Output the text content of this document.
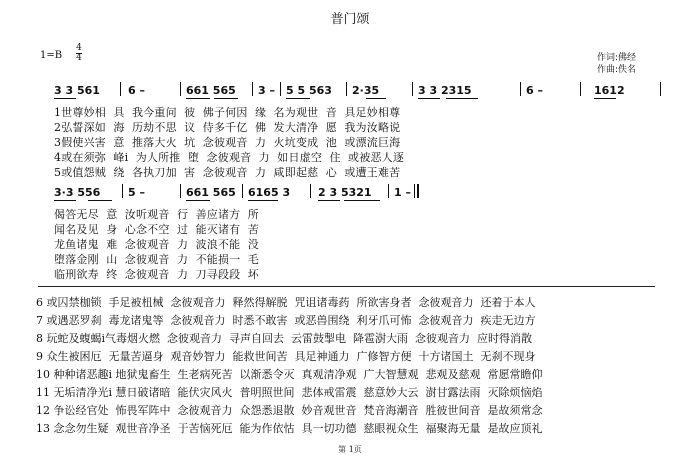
普门颂
1=B
4
4	作词:佛经
作曲:佚名
3 3 561	6 –	661 565 3 – 5 5 563 2·35	3 3 2315	6 –	1612
1世尊妙相  具  我今重问  彼  佛子何因  缘  名为观世  音  具足妙相尊
2弘誓深如  海  历劫不思  议  侍多千亿  佛  发大清净  愿  我为汝略说
3假使兴害  意  推落大火  坑  念彼观音  力  火坑变成  池  或漂流巨海
4或在须弥  峰i  为人所推  堕  念彼观音  力  如日虚空  住  或被恶人逐
5或值怨贼  绕  各执刀加  害  念彼观音  力  咸即起慈  心  或遭王难苦
3·3 556	5 –	661 565 6165 3	2 3 5321 1 –
偈答无尽  意  汝听观音  行  善应诸方  所
闻名及见  身  心念不空  过  能灭诸有  苦
龙鱼诸鬼  难  念彼观音  力  波浪不能  没
堕落金刚  山  念彼观音  力  不能损一  毛
临刑欲寿  终  念彼观音  力  刀寻段段  坏
6 或囚禁枷锁  手足被杻械  念彼观音力  释然得解脱  咒诅诸毒药  所欲害身者  念彼观音力  还着于本人
7 或遇恶罗刹  毒龙诸鬼等  念彼观音力  时悉不敢害  或恶兽围绕  利牙爪可怖  念彼观音力  疾走无边方
8 玩蛇及蝮蝎i气毒烟火燃  念彼观音力  寻声自回去  云雷鼓掣电  降雹澍大雨  念彼观音力  应时得消散
9 众生被困厄  无量苦逼身  观音妙智力  能救世间苦  具足神通力  广修智方便  十方诸国土  无刹不现身
10 种种诸恶趣i 地狱鬼畜生  生老病死苦  以渐悉令灭  真观清净观  广大智慧观  悲观及慈观  常愿常瞻仰
11 无垢清净光i 慧日破诸暗  能伏灾风火  普明照世间  悲体戒雷震  慈意妙大云  澍甘露法雨  灭除烦恼焰
12 争讼经官处  怖畏军阵中  念彼观音力  众怨悉退散  妙音观世音  梵音海潮音  胜彼世间音  是故须常念
13 念念勿生疑  观世音净圣  于苦恼死厄  能为作依怙  具一切功德  慈眼视众生  福聚海无量  是故应顶礼
第 1页
